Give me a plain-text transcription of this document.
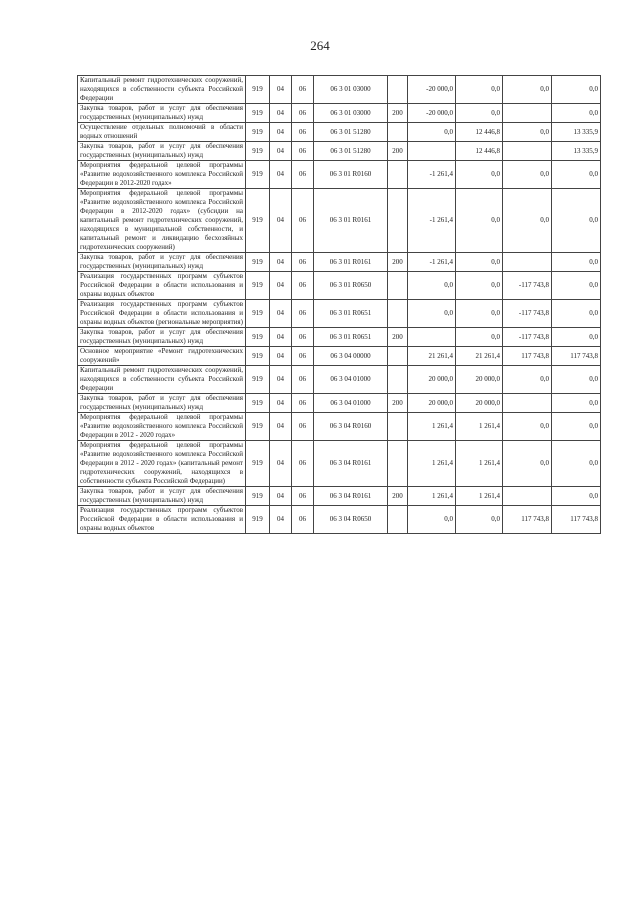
264
Капитальный ремонт гидротехнических сооружений, находящихся в собственности субъекта Российской Федерации	919	04	06	06 3 01 03000		-20 000,0	0,0	0,0	0,0
Закупка товаров, работ и услуг для обеспечения государственных (муниципальных) нужд	919	04	06	06 3 01 03000	200	-20 000,0	0,0		0,0
Осуществление отдельных полномочий в области водных отношений	919	04	06	06 3 01 51280		0,0	12 446,8	0,0	13 335,9
Закупка товаров, работ и услуг для обеспечения государственных (муниципальных) нужд	919	04	06	06 3 01 51280	200		12 446,8		13 335,9
Мероприятия федеральной целевой программы «Развитие водохозяйственного комплекса Российской Федерации в 2012-2020 годах»	919	04	06	06 3 01 R0160		-1 261,4	0,0	0,0	0,0
Мероприятия федеральной целевой программы «Развитие водохозяйственного комплекса Российской Федерации в 2012-2020 годах» (субсидии на капитальный ремонт гидротехнических сооружений, находящихся в муниципальной собственности, и капитальный ремонт и ликвидацию бесхозяйных гидротехнических сооружений)	919	04	06	06 3 01 R0161		-1 261,4	0,0	0,0	0,0
Закупка товаров, работ и услуг для обеспечения государственных (муниципальных) нужд	919	04	06	06 3 01 R0161	200	-1 261,4	0,0		0,0
Реализация государственных программ субъектов Российской Федерации в области использования и охраны водных объектов	919	04	06	06 3 01 R0650		0,0	0,0	-117 743,8	0,0
Реализация государственных программ субъектов Российской Федерации в области использования и охраны водных объектов (региональные мероприятия)	919	04	06	06 3 01 R0651		0,0	0,0	-117 743,8	0,0
Закупка товаров, работ и услуг для обеспечения государственных (муниципальных) нужд	919	04	06	06 3 01 R0651	200		0,0	-117 743,8	0,0
Основное мероприятие «Ремонт гидротехнических сооружений»	919	04	06	06 3 04 00000		21 261,4	21 261,4	117 743,8	117 743,8
Капитальный ремонт гидротехнических сооружений, находящихся в собственности субъекта Российской Федерации	919	04	06	06 3 04 01000		20 000,0	20 000,0	0,0	0,0
Закупка товаров, работ и услуг для обеспечения государственных (муниципальных) нужд	919	04	06	06 3 04 01000	200	20 000,0	20 000,0		0,0
Мероприятия федеральной целевой программы «Развитие водохозяйственного комплекса Российской Федерации в 2012 - 2020 годах»	919	04	06	06 3 04 R0160		1 261,4	1 261,4	0,0	0,0
Мероприятия федеральной целевой программы «Развитие водохозяйственного комплекса Российской Федерации в 2012 - 2020 годах» (капитальный ремонт гидротехнических сооружений, находящихся в собственности субъекта Российской Федерации)	919	04	06	06 3 04 R0161		1 261,4	1 261,4	0,0	0,0
Закупка товаров, работ и услуг для обеспечения государственных (муниципальных) нужд	919	04	06	06 3 04 R0161	200	1 261,4	1 261,4		0,0
Реализация государственных программ субъектов Российской Федерации в области использования и охраны водных объектов	919	04	06	06 3 04 R0650		0,0	0,0	117 743,8	117 743,8
